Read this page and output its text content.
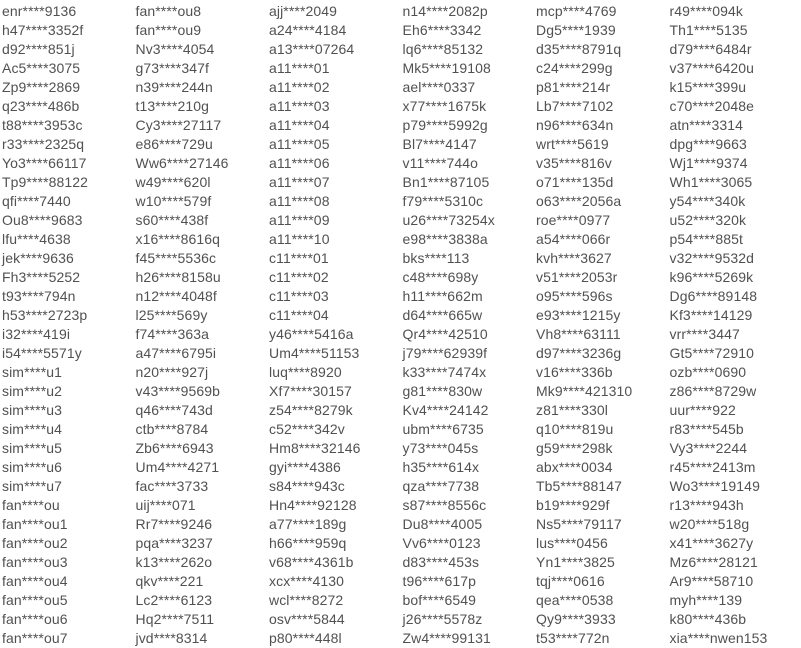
enr****9136
h47****3352f
d92****851j
Ac5****3075
Zp9****2869
q23****486b
t88****3953c
r33****2325q
Yo3****66117
Tp9****88122
qfi****7440
Ou8****9683
lfu****4638
jek****9636
Fh3****5252
t93****794n
h53****2723p
i32****419i
i54****5571y
sim****u1
sim****u2
sim****u3
sim****u4
sim****u5
sim****u6
sim****u7
fan****ou
fan****ou1
fan****ou2
fan****ou3
fan****ou4
fan****ou5
fan****ou6
fan****ou7
fan****ou8
fan****ou9
Nv3****4054
g73****347f
n39****244n
t13****210g
Cy3****27117
e86****729u
Ww6****27146
w49****620l
w10****579f
s60****438f
x16****8616q
f45****5536c
h26****8158u
n12****4048f
l25****569y
f74****363a
a47****6795i
n20****927j
v43****9569b
q46****743d
ctb****8784
Zb6****6943
Um4****4271
fac****3733
uij****071
Rr7****9246
pqa****3237
k13****262o
qkv****221
Lc2****6123
Hq2****7511
jvd****8314
ajj****2049
a24****4184
a13****07264
a11****01
a11****02
a11****03
a11****04
a11****05
a11****06
a11****07
a11****08
a11****09
a11****10
c11****01
c11****02
c11****03
c11****04
y46****5416a
Um4****51153
luq****8920
Xf7****30157
z54****8279k
c52****342v
Hm8****32146
gyi****4386
s84****943c
Hn4****92128
a77****189g
h66****959q
v68****4361b
xcx****4130
wcl****8272
osv****5844
p80****448l
n14****2082p
Eh6****3342
lq6****85132
Mk5****19108
ael****0337
x77****1675k
p79****5992g
Bl7****4147
v11****744o
Bn1****87105
f79****5310c
u26****73254x
e98****3838a
bks****113
c48****698y
h11****662m
d64****665w
Qr4****42510
j79****62939f
k33****7474x
g81****830w
Kv4****24142
ubm****6735
y73****045s
h35****614x
qza****7738
s87****8556c
Du8****4005
Vv6****0123
d83****453s
t96****617p
bof****6549
j26****5578z
Zw4****99131
mcp****4769
Dg5****1939
d35****8791q
c24****299g
p81****214r
Lb7****7102
n96****634n
wrt****5619
v35****816v
o71****135d
o63****2056a
roe****0977
a54****066r
kvh****3627
v51****2053r
o95****596s
e93****1215y
Vh8****63111
d97****3236g
v16****336b
Mk9****421310
z81****330l
q10****819u
g59****298k
abx****0034
Tb5****88147
b19****929f
Ns5****79117
lus****0456
Yn1****3825
tqj****0616
qea****0538
Qy9****3933
t53****772n
r49****094k
Th1****5135
d79****6484r
v37****6420u
k15****399u
c70****2048e
atn****3314
dpg****9663
Wj1****9374
Wh1****3065
y54****340k
u52****320k
p54****885t
v32****9532d
k96****5269k
Dg6****89148
Kf3****14129
vrr****3447
Gt5****72910
ozb****0690
z86****8729w
uur****922
r83****545b
Vy3****2244
r45****2413m
Wo3****19149
r13****943h
w20****518g
x41****3627y
Mz6****28121
Ar9****58710
myh****139
k80****436b
xia****nwen153
